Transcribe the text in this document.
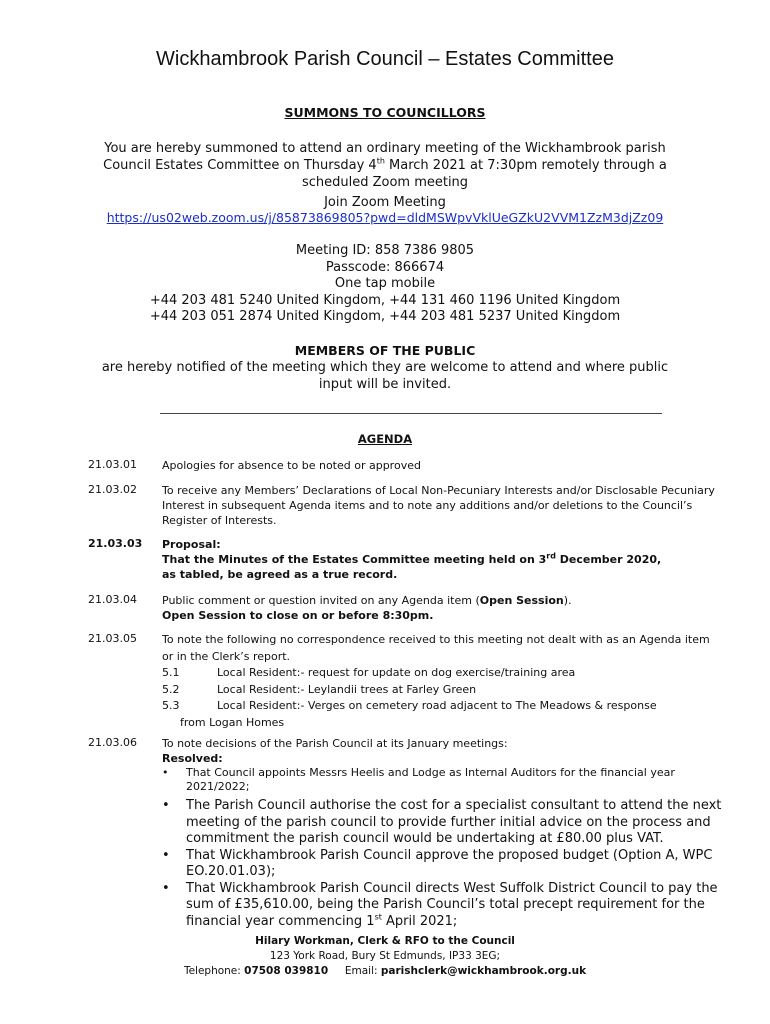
Wickhambrook Parish Council – Estates Committee
SUMMONS TO COUNCILLORS
You are hereby summoned to attend an ordinary meeting of the Wickhambrook parish Council Estates Committee on Thursday 4th March 2021 at 7:30pm remotely through a scheduled Zoom meeting
Join Zoom Meeting
https://us02web.zoom.us/j/85873869805?pwd=dldMSWpvVklUeGZkU2VVM1ZzM3djZz09
Meeting ID: 858 7386 9805
Passcode: 866674
One tap mobile
+44 203 481 5240 United Kingdom, +44 131 460 1196 United Kingdom
+44 203 051 2874 United Kingdom, +44 203 481 5237 United Kingdom
MEMBERS OF THE PUBLIC
are hereby notified of the meeting which they are welcome to attend and where public input will be invited.
AGENDA
21.03.01 Apologies for absence to be noted or approved
21.03.02 To receive any Members’ Declarations of Local Non-Pecuniary Interests and/or Disclosable Pecuniary Interest in subsequent Agenda items and to note any additions and/or deletions to the Council’s Register of Interests.
21.03.03 Proposal:
That the Minutes of the Estates Committee meeting held on 3rd December 2020, as tabled, be agreed as a true record.
21.03.04 Public comment or question invited on any Agenda item (Open Session).
Open Session to close on or before 8:30pm.
21.03.05 To note the following no correspondence received to this meeting not dealt with as an Agenda item or in the Clerk’s report.
5.1	Local Resident:- request for update on dog exercise/training area
5.2	Local Resident:- Leylandii trees at Farley Green
5.3	Local Resident:- Verges on cemetery road adjacent to The Meadows & response
from Logan Homes
21.03.06 To note decisions of the Parish Council at its January meetings:
Resolved:
• That Council appoints Messrs Heelis and Lodge as Internal Auditors for the financial year 2021/2022;
• The Parish Council authorise the cost for a specialist consultant to attend the next meeting of the parish council to provide further initial advice on the process and commitment the parish council would be undertaking at £80.00 plus VAT.
• That Wickhambrook Parish Council approve the proposed budget (Option A, WPC EO.20.01.03);
• That Wickhambrook Parish Council directs West Suffolk District Council to pay the sum of £35,610.00, being the Parish Council’s total precept requirement for the financial year commencing 1st April 2021;
Hilary Workman, Clerk & RFO to the Council
123 York Road, Bury St Edmunds, IP33 3EG;
Telephone: 07508 039810 Email: parishclerk@wickhambrook.org.uk
